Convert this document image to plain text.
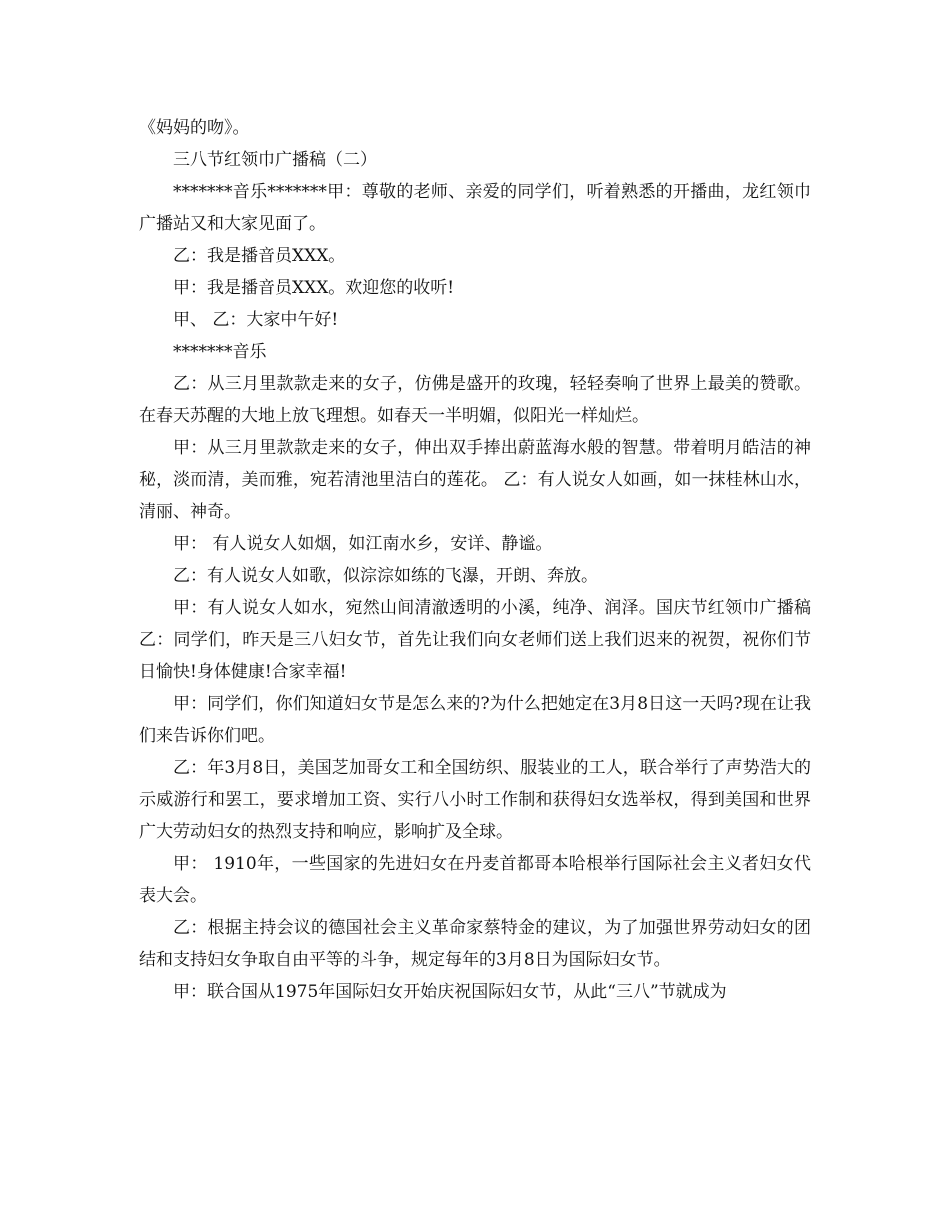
《妈妈的吻》。

三八节红领巾广播稿（二）

*******音乐*******甲：尊敬的老师、亲爱的同学们，听着熟悉的开播曲，龙红领巾广播站又和大家见面了。

乙：我是播音员XXX。

甲：我是播音员XXX。欢迎您的收听!

甲、 乙：大家中午好!

*******音乐

乙：从三月里款款走来的女子，仿佛是盛开的玫瑰，轻轻奏响了世界上最美的赞歌。在春天苏醒的大地上放飞理想。如春天一半明媚，似阳光一样灿烂。

甲：从三月里款款走来的女子，伸出双手捧出蔚蓝海水般的智慧。带着明月皓洁的神秘，淡而清，美而雅，宛若清池里洁白的莲花。 乙：有人说女人如画，如一抹桂林山水，清丽、神奇。

甲： 有人说女人如烟，如江南水乡，安详、静谧。

乙：有人说女人如歌，似淙淙如练的飞瀑，开朗、奔放。

甲：有人说女人如水，宛然山间清澈透明的小溪，纯净、润泽。国庆节红领巾广播稿乙：同学们，昨天是三八妇女节，首先让我们向女老师们送上我们迟来的祝贺，祝你们节日愉快!身体健康!合家幸福!

甲：同学们，你们知道妇女节是怎么来的?为什么把她定在3月8日这一天吗?现在让我们来告诉你们吧。

乙：年3月8日，美国芝加哥女工和全国纺织、服装业的工人，联合举行了声势浩大的示威游行和罢工，要求增加工资、实行八小时工作制和获得妇女选举权，得到美国和世界广大劳动妇女的热烈支持和响应，影响扩及全球。

甲： 1910年，一些国家的先进妇女在丹麦首都哥本哈根举行国际社会主义者妇女代表大会。

乙：根据主持会议的德国社会主义革命家蔡特金的建议，为了加强世界劳动妇女的团结和支持妇女争取自由平等的斗争，规定每年的3月8日为国际妇女节。

甲：联合国从1975年国际妇女开始庆祝国际妇女节，从此“三八”节就成为
